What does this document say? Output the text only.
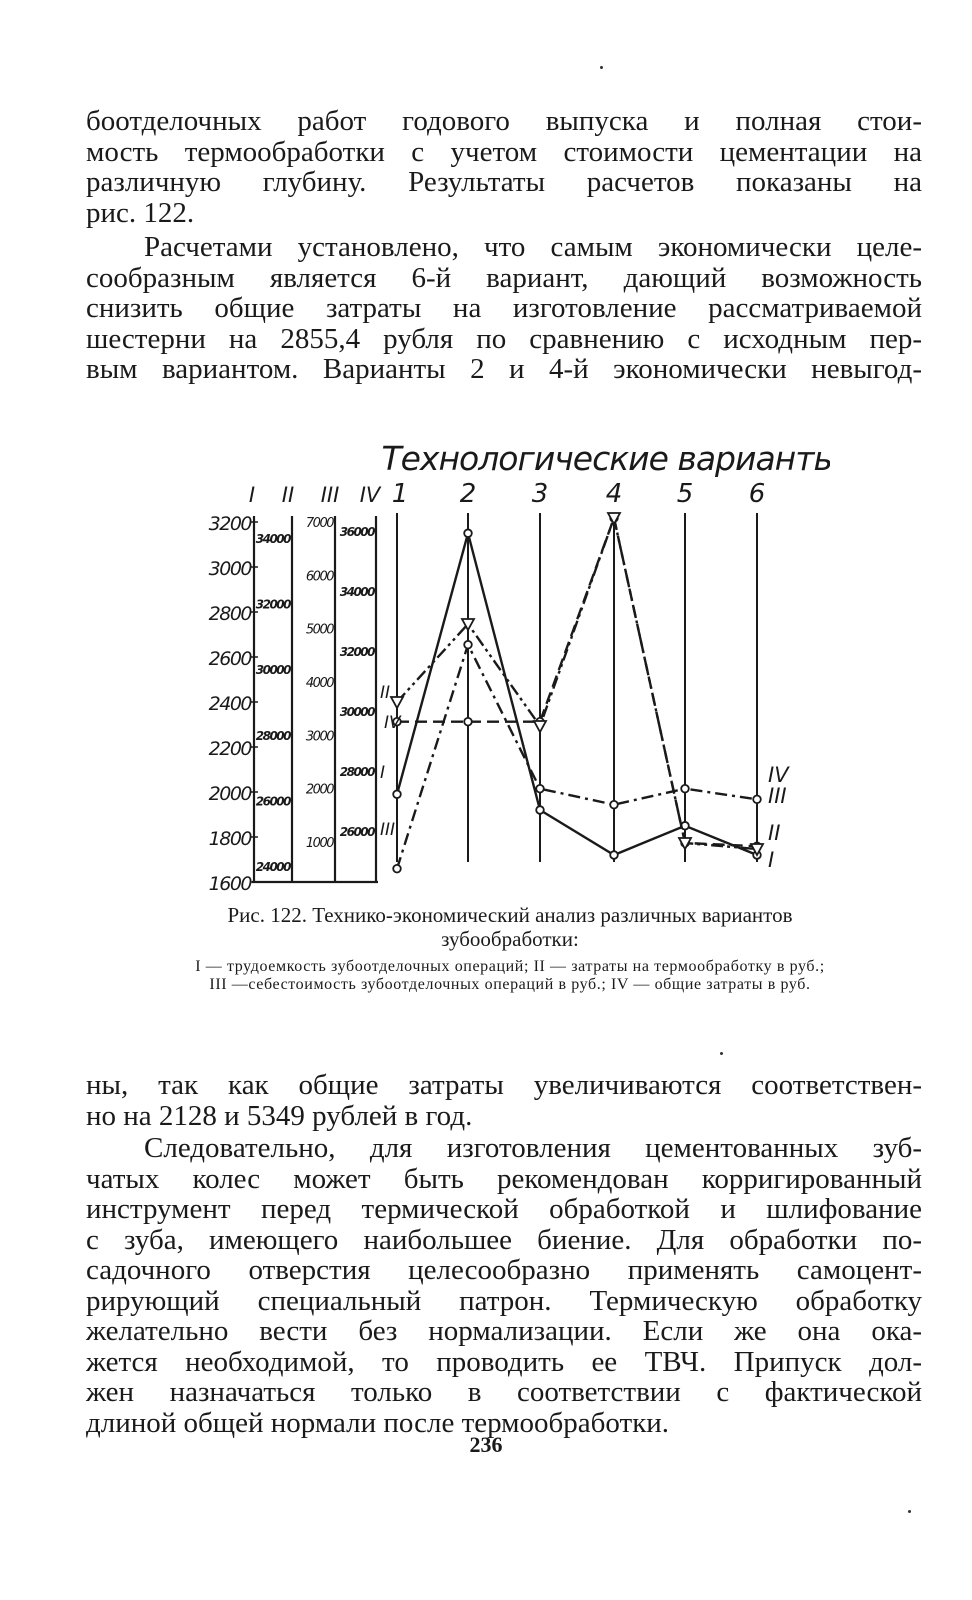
боотделочных работ годового выпуска и полная стои-
мость термообработки с учетом стоимости цементации на
различную глубину. Результаты расчетов показаны на
рис. 122.
Расчетами установлено, что самым экономически целе-
сообразным является 6-й вариант, дающий возможность
снизить общие затраты на изготовление рассматриваемой
шестерни на 2855,4 рубля по сравнению с исходным пер-
вым вариантом. Варианты 2 и 4-й экономически невыгод-
3200
3000
2800
2600
2400
2200
2000
1800
1600
34000
32000
30000
28000
26000
24000
7000
6000
5000
4000
3000
2000
1000
36000
34000
32000
30000
28000
26000
I II III IV
Технологические варианты
1 2 3 4 5 6
I
I
II
II
III
III
IV
IV

Рис. 122. Технико-экономический анализ различных вариантов зубообработки:

I — трудоемкость зубоотделочных операций; II — затраты на термообработку в руб.; III —себестоимость зубоотделочных операций в руб.; IV — общие затраты в руб.

ны, так как общие затраты увеличиваются соответствен-
но на 2128 и 5349 рублей в год.
Следовательно, для изготовления цементованных зуб-
чатых колес может быть рекомендован корригированный
инструмент перед термической обработкой и шлифование
с зуба, имеющего наибольшее биение. Для обработки по-
садочного отверстия целесообразно применять самоцент-
рирующий специальный патрон. Термическую обработку
желательно вести без нормализации. Если же она ока-
жется необходимой, то проводить ее ТВЧ. Припуск дол-
жен назначаться только в соответствии с фактической
длиной общей нормали после термообработки.
236
